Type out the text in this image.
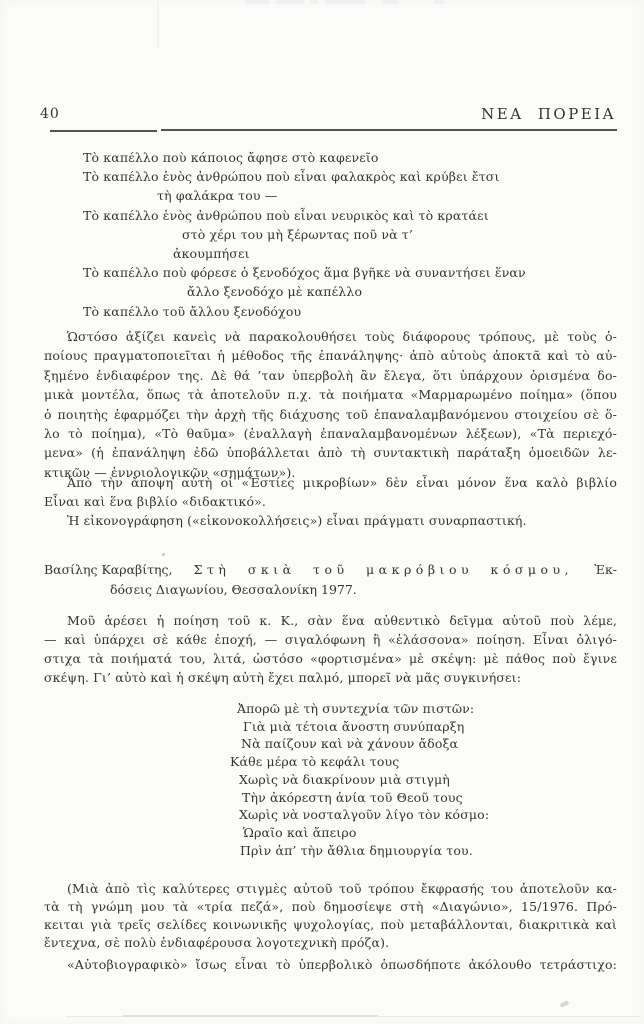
40	ΝΕΑ ΠΟΡΕΙΑ
Τὸ καπέλλο ποὺ κάποιος ἄφησε στὸ καφενεῖο
Τὸ καπέλλο ἑνὸς ἀνθρώπου ποὺ εἶναι φαλακρὸς καὶ κρύβει ἔτσι
τὴ φαλάκρα του —
Τὸ καπέλλο ἑνὸς ἀνθρώπου ποὺ εἶναι νευρικὸς καὶ τὸ κρατάει
στὸ χέρι του μὴ ξέρωντας ποῦ νὰ τ’
ἀκουμπήσει
Τὸ καπέλλο ποὺ φόρεσε ὁ ξενοδόχος ἅμα βγῆκε νὰ συναντήσει ἕναν
ἄλλο ξενοδόχο μὲ καπέλλο
Τὸ καπέλλο τοῦ ἄλλου ξενοδόχου
Ὡστόσο ἀξίζει κανεὶς νὰ παρακολουθήσει τοὺς διάφορους τρόπους, μὲ τοὺς ὁ-
ποίους πραγματοποιεῖται ἡ μέθοδος τῆς ἐπανάληψης· ἀπὸ αὐτοὺς ἀποκτᾶ καὶ τὸ αὐ-
ξημένο ἐνδιαφέρον της. Δὲ θά ’ταν ὑπερβολὴ ἂν ἔλεγα, ὅτι ὑπάρχουν ὁρισμένα δο-
μικὰ μοντέλα, ὅπως τὰ ἀποτελοῦν π.χ. τὰ ποιήματα «Μαρμαρωμένο ποίημα» (ὅπου
ὁ ποιητὴς ἐφαρμόζει τὴν ἀρχὴ τῆς διάχυσης τοῦ ἐπαναλαμβανόμενου στοιχείου σὲ ὅ-
λο τὸ ποίημα), «Τὸ θαῦμα» (ἐναλλαγὴ ἐπαναλαμβανομένων λέξεων), «Τὰ περιεχό-
μενα» (ἡ ἐπανάληψη ἐδῶ ὑποβάλλεται ἀπὸ τὴ συντακτικὴ παράταξη ὁμοειδῶν λε-
κτικῶν — ἐννοιολογικῶν «σημάτων»).
Ἀπὸ τὴν ἄποψη αὐτὴ οἱ «Ἑστίες μικροβίων» δὲν εἶναι μόνον ἕνα καλὸ βιβλίο
Εἶναι καὶ ἕνα βιβλίο «διδακτικό».
Ἡ εἰκονογράφηση («εἰκονοκολλήσεις») εἶναι πράγματι συναρπαστική.
Βασίλης Καραβίτης, Στὴ σκιὰ τοῦ μακρόβιου κόσμου, Ἐκ-
δόσεις Διαγωνίου, Θεσσαλονίκη 1977.
Μοῦ ἀρέσει ἡ ποίηση τοῦ κ. Κ., σὰν ἕνα αὐθεντικὸ δεῖγμα αὐτοῦ ποὺ λέμε,
— καὶ ὑπάρχει σὲ κάθε ἐποχή, — σιγαλόφωνη ἢ «ἐλάσσονα» ποίηση. Εἶναι ὀλιγό-
στιχα τὰ ποιήματά του, λιτά, ὡστόσο «φορτισμένα» μὲ σκέψη: μὲ πάθος ποὺ ἔγινε
σκέψη. Γι’ αὐτὸ καὶ ἡ σκέψη αὐτὴ ἔχει παλμό, μπορεῖ νὰ μᾶς συγκινήσει:
Ἀπορῶ μὲ τὴ συντεχνία τῶν πιστῶν:
Γιὰ μιὰ τέτοια ἄνοστη συνύπαρξη
Νὰ παίζουν καὶ νὰ χάνουν ἄδοξα
Κάθε μέρα τὸ κεφάλι τους
Χωρὶς νὰ διακρίνουν μιὰ στιγμὴ
Τὴν ἀκόρεστη ἀνία τοῦ Θεοῦ τους
Χωρὶς νὰ νοσταλγοῦν λίγο τὸν κόσμο:
Ὡραῖο καὶ ἄπειρο
Πρὶν ἀπ’ τὴν ἄθλια δημιουργία του.
(Μιὰ ἀπὸ τὶς καλύτερες στιγμὲς αὐτοῦ τοῦ τρόπου ἔκφρασής του ἀποτελοῦν κα-
τὰ τὴ γνώμη μου τὰ «τρία πεζά», ποὺ δημοσίεψε στὴ «Διαγώνιο», 15/1976. Πρό-
κειται γιὰ τρεῖς σελίδες κοινωνικῆς ψυχολογίας, ποὺ μεταβάλλονται, διακριτικὰ καὶ
ἔντεχνα, σὲ πολὺ ἐνδιαφέρουσα λογοτεχνικὴ πρόζα).
«Αὐτοβιογραφικὸ» ἴσως εἶναι τὸ ὑπερβολικὸ ὁπωσδήποτε ἀκόλουθο τετράστιχο:
